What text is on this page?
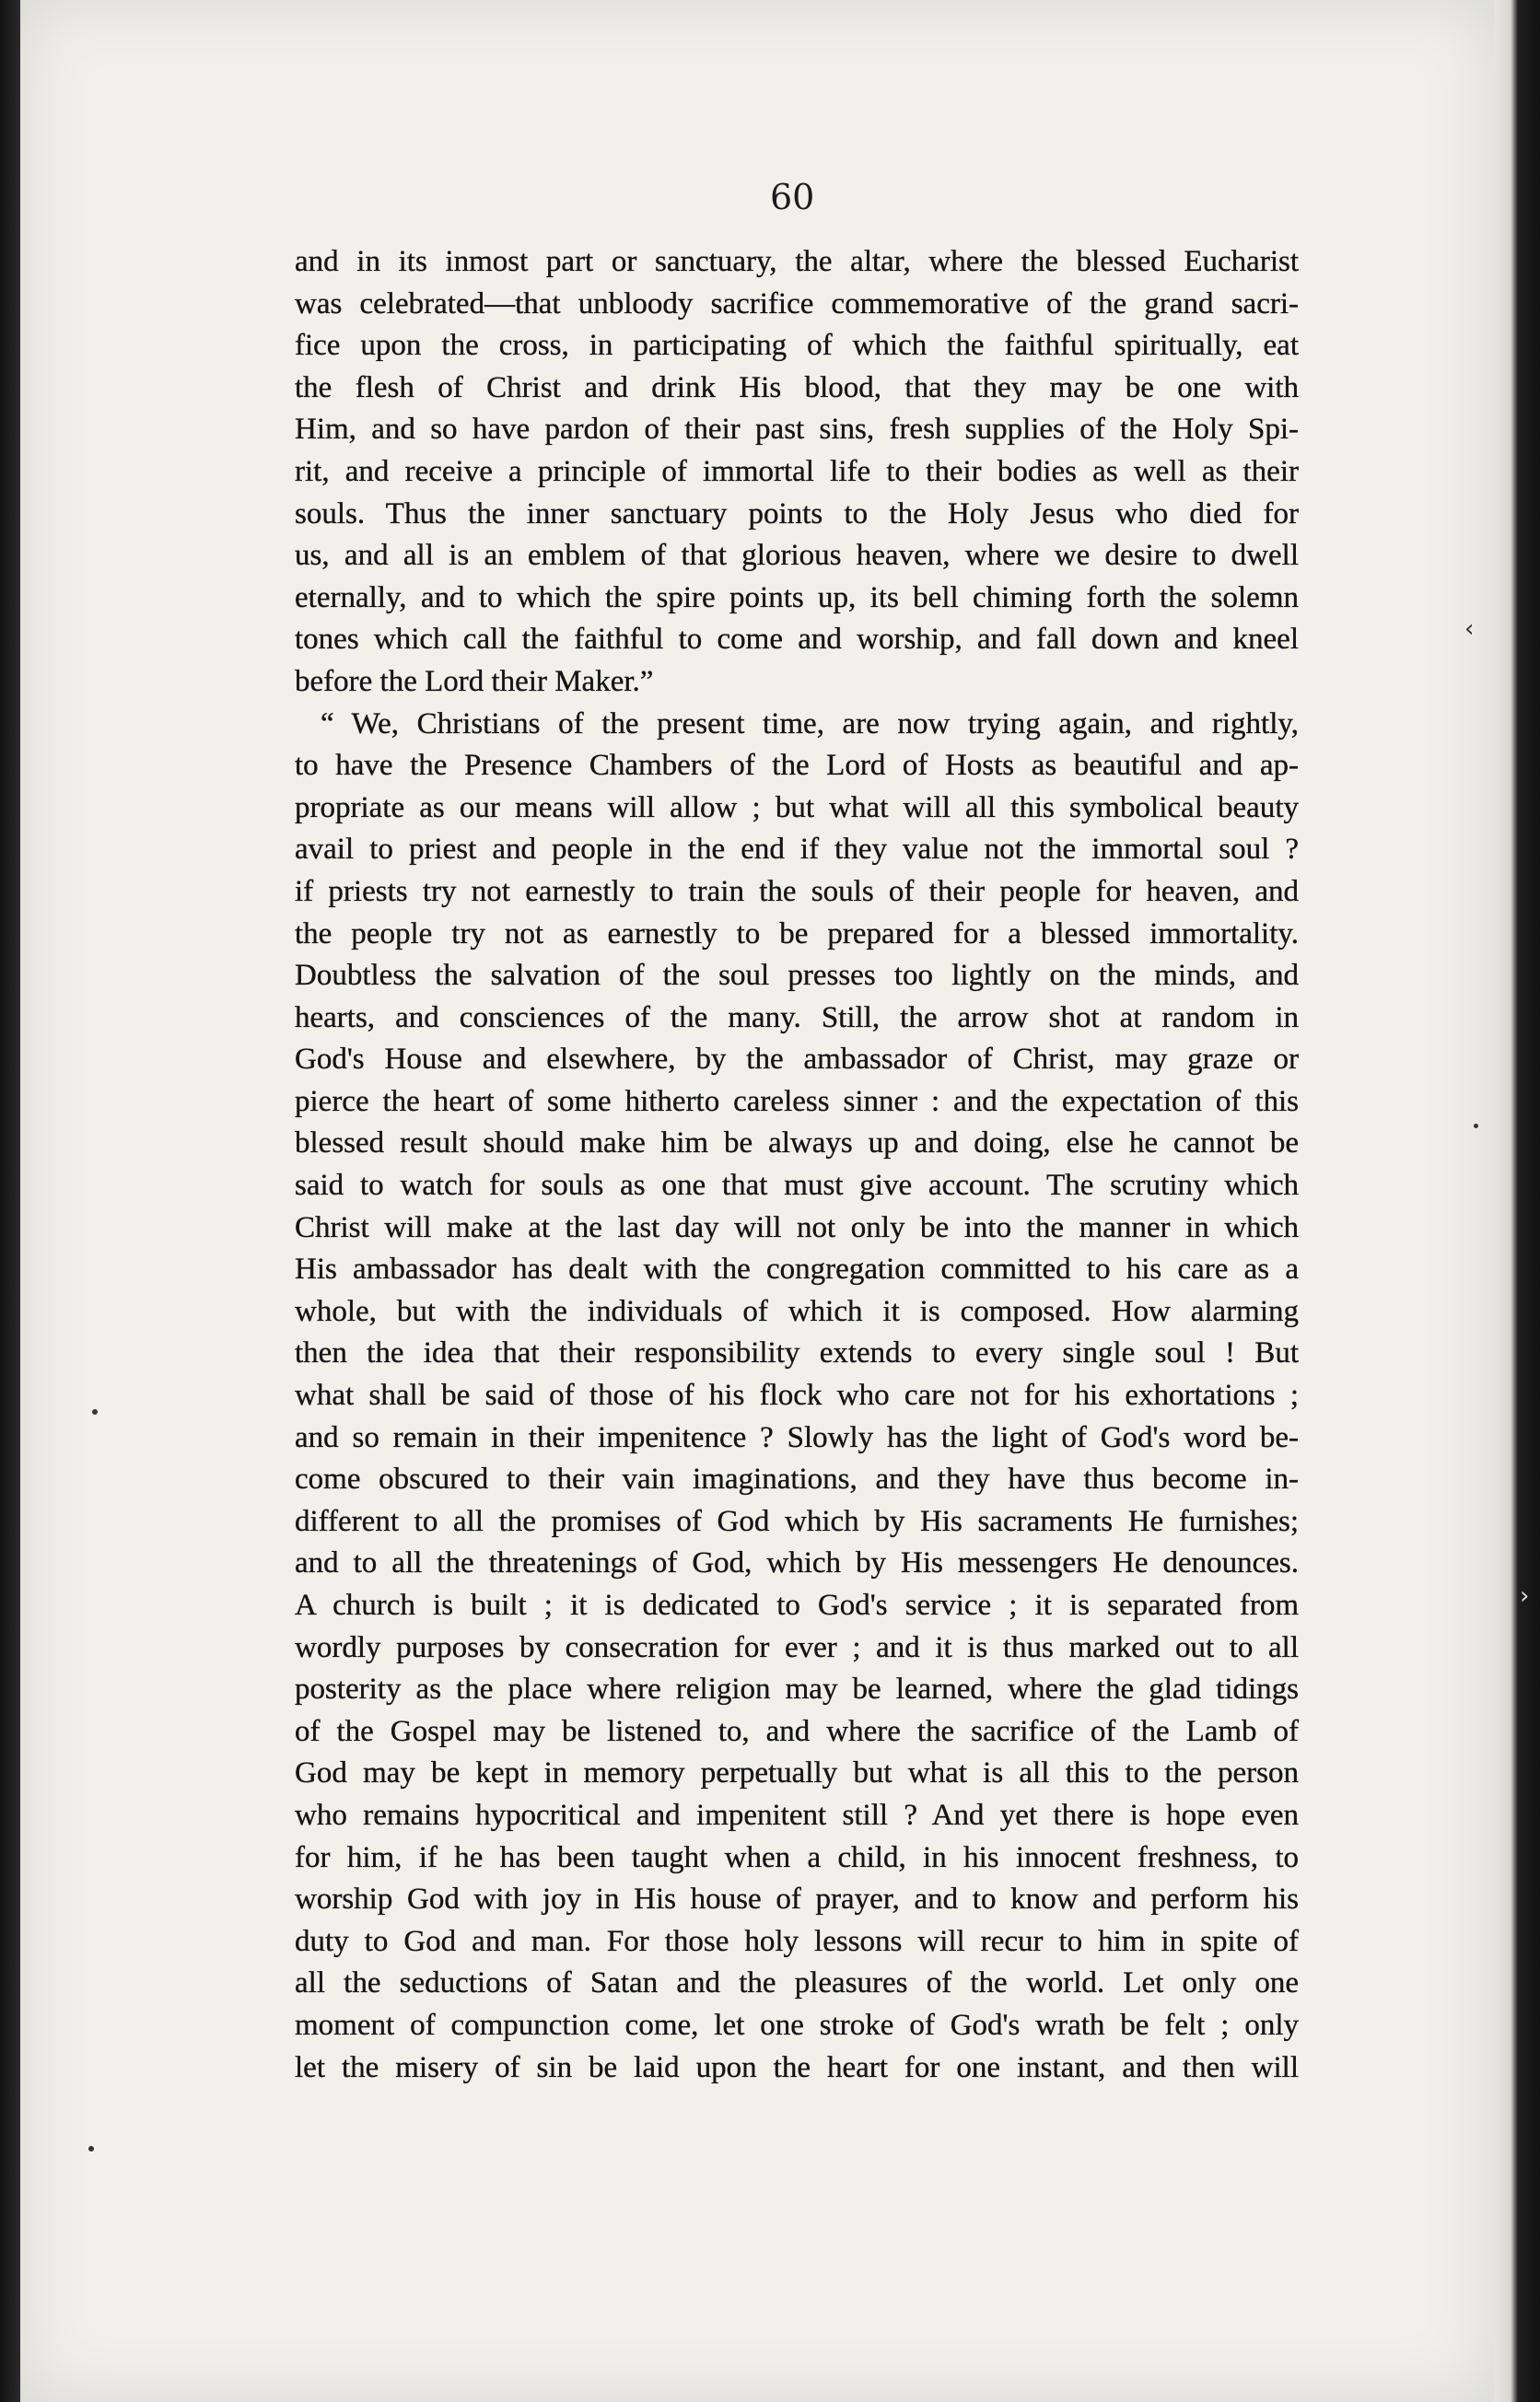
60
and in its inmost part or sanctuary, the altar, where the blessed Eucharist
was celebrated—that unbloody sacrifice commemorative of the grand sacri-
fice upon the cross, in participating of which the faithful spiritually, eat
the flesh of Christ and drink His blood, that they may be one with
Him, and so have pardon of their past sins, fresh supplies of the Holy Spi-
rit, and receive a principle of immortal life to their bodies as well as their
souls. Thus the inner sanctuary points to the Holy Jesus who died for
us, and all is an emblem of that glorious heaven, where we desire to dwell
eternally, and to which the spire points up, its bell chiming forth the solemn
tones which call the faithful to come and worship, and fall down and kneel
before the Lord their Maker.”
“ We, Christians of the present time, are now trying again, and rightly,
to have the Presence Chambers of the Lord of Hosts as beautiful and ap-
propriate as our means will allow ; but what will all this symbolical beauty
avail to priest and people in the end if they value not the immortal soul ?
if priests try not earnestly to train the souls of their people for heaven, and
the people try not as earnestly to be prepared for a blessed immortality.
Doubtless the salvation of the soul presses too lightly on the minds, and
hearts, and consciences of the many. Still, the arrow shot at random in
God's House and elsewhere, by the ambassador of Christ, may graze or
pierce the heart of some hitherto careless sinner : and the expectation of this
blessed result should make him be always up and doing, else he cannot be
said to watch for souls as one that must give account. The scrutiny which
Christ will make at the last day will not only be into the manner in which
His ambassador has dealt with the congregation committed to his care as a
whole, but with the individuals of which it is composed. How alarming
then the idea that their responsibility extends to every single soul ! But
what shall be said of those of his flock who care not for his exhortations ;
and so remain in their impenitence ? Slowly has the light of God's word be-
come obscured to their vain imaginations, and they have thus become in-
different to all the promises of God which by His sacraments He furnishes;
and to all the threatenings of God, which by His messengers He denounces.
A church is built ; it is dedicated to God's service ; it is separated from
wordly purposes by consecration for ever ; and it is thus marked out to all
posterity as the place where religion may be learned, where the glad tidings
of the Gospel may be listened to, and where the sacrifice of the Lamb of
God may be kept in memory perpetually but what is all this to the person
who remains hypocritical and impenitent still ? And yet there is hope even
for him, if he has been taught when a child, in his innocent freshness, to
worship God with joy in His house of prayer, and to know and perform his
duty to God and man. For those holy lessons will recur to him in spite of
all the seductions of Satan and the pleasures of the world. Let only one
moment of compunction come, let one stroke of God's wrath be felt ; only
let the misery of sin be laid upon the heart for one instant, and then will
‹
›
